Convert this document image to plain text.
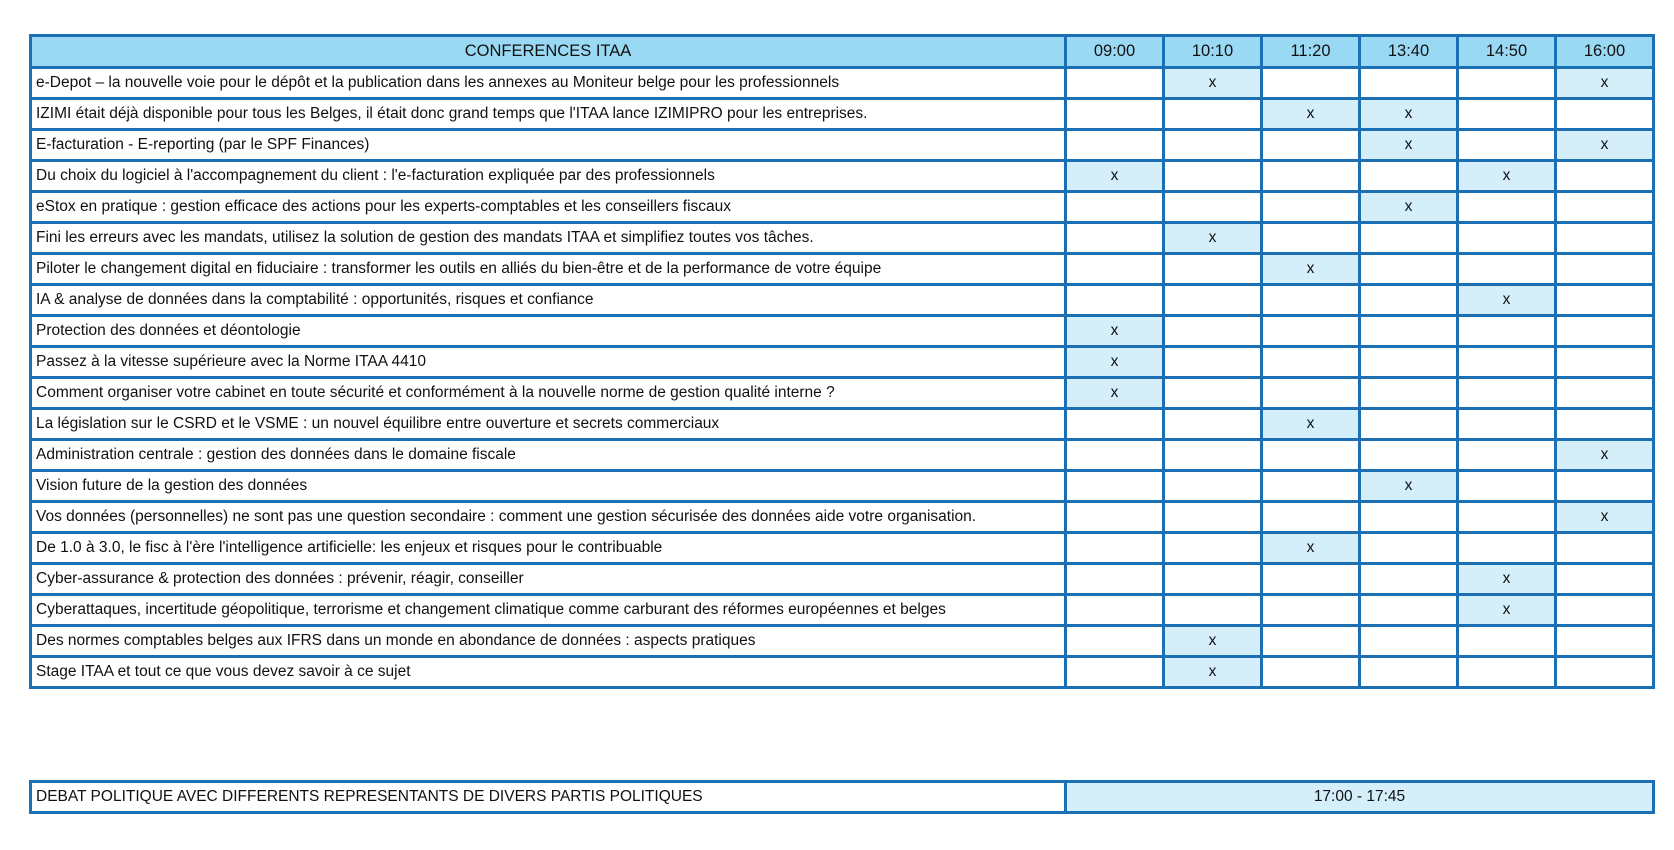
CONFERENCES ITAA	09:00	10:10	11:20	13:40	14:50	16:00
e-Depot – la nouvelle voie pour le dépôt et la publication dans les annexes au Moniteur belge pour les professionnels		x				x
IZIMI était déjà disponible pour tous les Belges, il était donc grand temps que l'ITAA lance IZIMIPRO pour les entreprises.			x	x		
E-facturation - E-reporting (par le SPF Finances)				x		x
Du choix du logiciel à l'accompagnement du client : l'e-facturation expliquée par des professionnels	x				x	
eStox en pratique : gestion efficace des actions pour les experts-comptables et les conseillers fiscaux				x		
Fini les erreurs avec les mandats, utilisez la solution de gestion des mandats ITAA et simplifiez toutes vos tâches.		x				
Piloter le changement digital en fiduciaire : transformer les outils en alliés du bien-être et de la performance de votre équipe			x			
IA & analyse de données dans la comptabilité : opportunités, risques et confiance					x	
Protection des données et déontologie	x					
Passez à la vitesse supérieure avec la Norme ITAA 4410	x					
Comment organiser votre cabinet en toute sécurité et conformément à la nouvelle norme de gestion qualité interne ?	x					
La législation sur le CSRD et le VSME : un nouvel équilibre entre ouverture et secrets commerciaux			x			
Administration centrale : gestion des données dans le domaine fiscale						x
Vision future de la gestion des données				x		
Vos données (personnelles) ne sont pas une question secondaire : comment une gestion sécurisée des données aide votre organisation.						x
De 1.0 à 3.0, le fisc à l'ère l'intelligence artificielle: les enjeux et risques pour le contribuable			x			
Cyber-assurance & protection des données : prévenir, réagir, conseiller					x	
Cyberattaques, incertitude géopolitique, terrorisme et changement climatique comme carburant des réformes européennes et belges					x	
Des normes comptables belges aux IFRS dans un monde en abondance de données : aspects pratiques		x				
Stage ITAA et tout ce que vous devez savoir à ce sujet		x				
DEBAT POLITIQUE AVEC DIFFERENTS REPRESENTANTS DE DIVERS PARTIS POLITIQUES	17:00 - 17:45
